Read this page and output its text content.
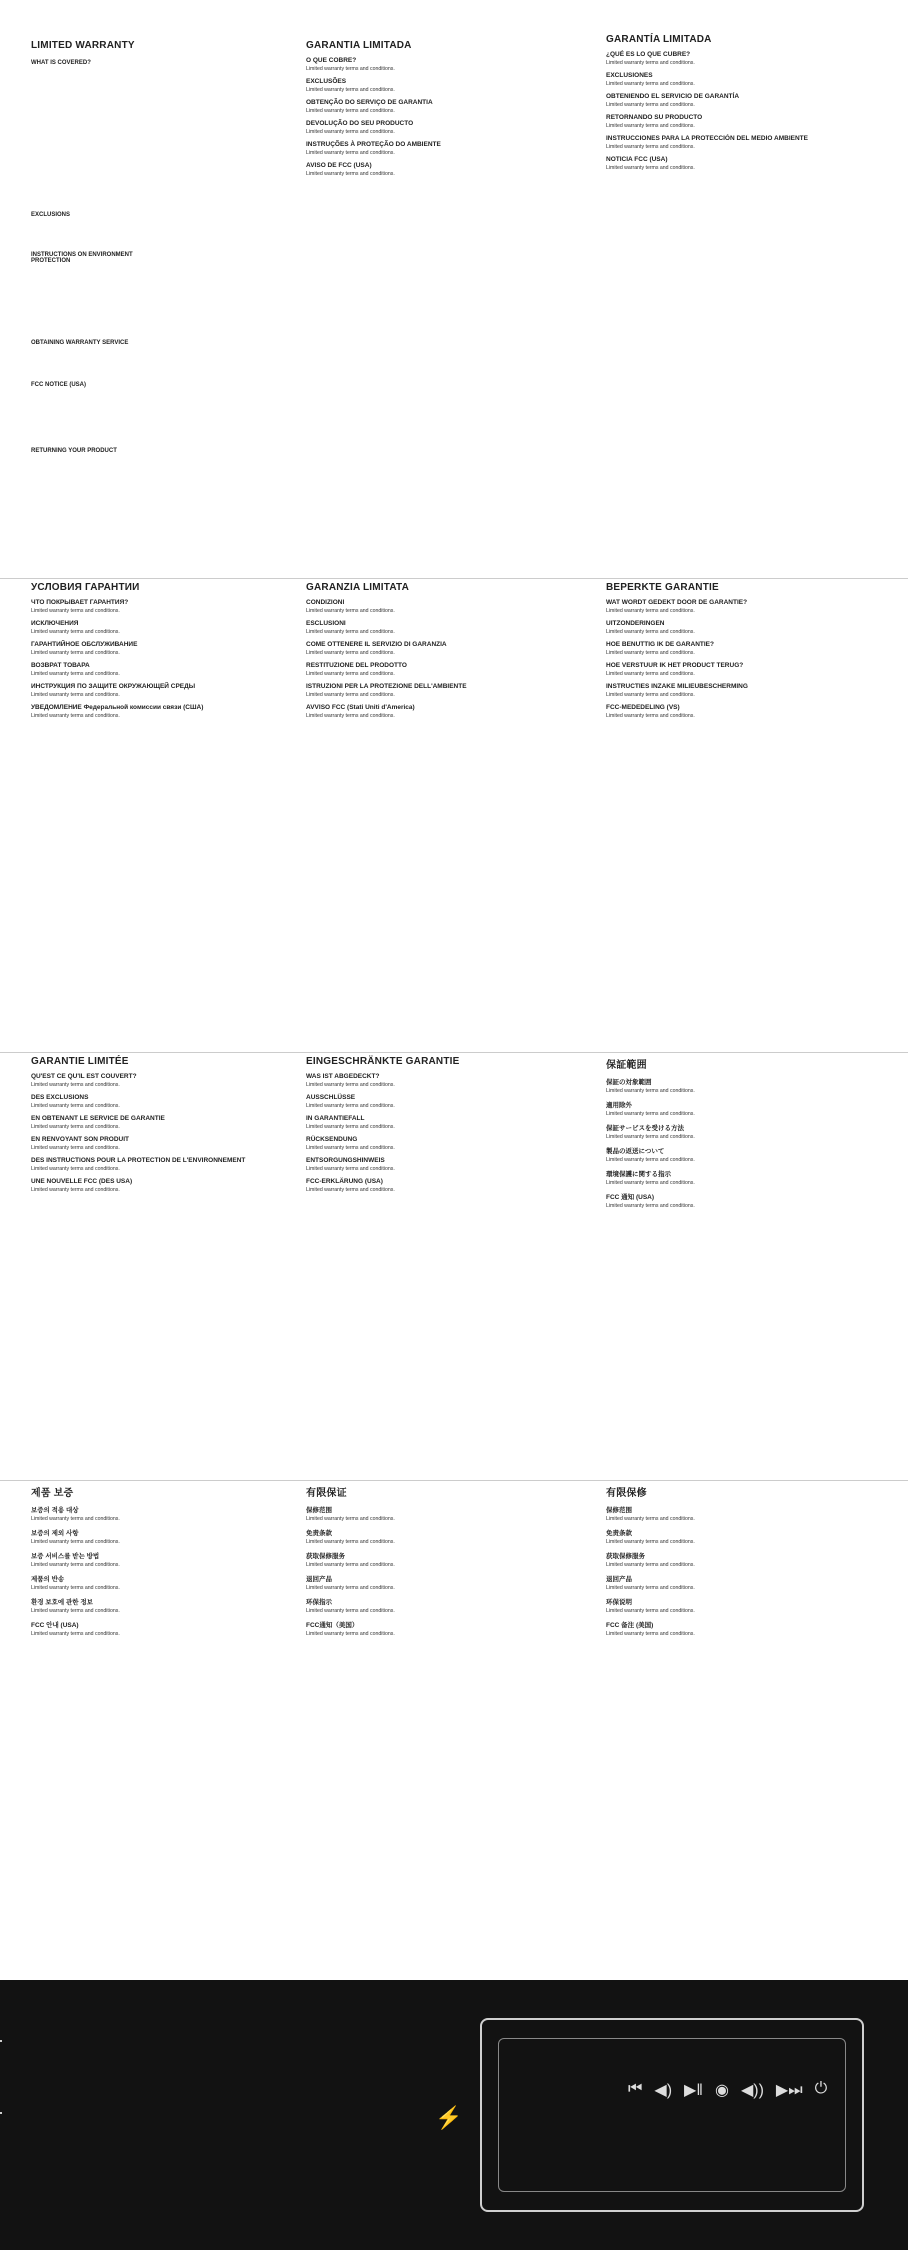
LIMITED WARRANTY
WHAT IS COVERED?
EXCLUSIONS
INSTRUCTIONS ON ENVIRONMENT PROTECTION
OBTAINING WARRANTY SERVICE
FCC NOTICE (USA)
RETURNING YOUR PRODUCT
GARANTIA LIMITADA
O QUE COBRE?
Limited warranty terms and conditions.
EXCLUSÕES
Limited warranty terms and conditions.
OBTENÇÃO DO SERVIÇO DE GARANTIA
Limited warranty terms and conditions.
DEVOLUÇÃO DO SEU PRODUCTO
Limited warranty terms and conditions.
INSTRUÇÕES À PROTEÇÃO DO AMBIENTE
Limited warranty terms and conditions.
AVISO DE FCC (USA)
Limited warranty terms and conditions.
GARANTÍA LIMITADA
¿QUÉ ES LO QUE CUBRE?
Limited warranty terms and conditions.
EXCLUSIONES
Limited warranty terms and conditions.
OBTENIENDO EL SERVICIO DE GARANTÍA
Limited warranty terms and conditions.
RETORNANDO SU PRODUCTO
Limited warranty terms and conditions.
INSTRUCCIONES PARA LA PROTECCIÓN DEL MEDIO AMBIENTE
Limited warranty terms and conditions.
NOTICIA FCC (USA)
Limited warranty terms and conditions.
УСЛОВИЯ ГАРАНТИИ
ЧТО ПОКРЫВАЕТ ГАРАНТИЯ?
Limited warranty terms and conditions.
ИСКЛЮЧЕНИЯ
Limited warranty terms and conditions.
ГАРАНТИЙНОЕ ОБСЛУЖИВАНИЕ
Limited warranty terms and conditions.
ВОЗВРАТ ТОВАРА
Limited warranty terms and conditions.
ИНСТРУКЦИЯ ПО ЗАЩИТЕ ОКРУЖАЮЩЕЙ СРЕДЫ
Limited warranty terms and conditions.
УВЕДОМЛЕНИЕ Федеральной комиссии связи (США)
Limited warranty terms and conditions.
GARANZIA LIMITATA
CONDIZIONI
Limited warranty terms and conditions.
ESCLUSIONI
Limited warranty terms and conditions.
COME OTTENERE IL SERVIZIO DI GARANZIA
Limited warranty terms and conditions.
RESTITUZIONE DEL PRODOTTO
Limited warranty terms and conditions.
ISTRUZIONI PER LA PROTEZIONE DELL'AMBIENTE
Limited warranty terms and conditions.
AVVISO FCC (Stati Uniti d'America)
Limited warranty terms and conditions.
BEPERKTE GARANTIE
WAT WORDT GEDEKT DOOR DE GARANTIE?
Limited warranty terms and conditions.
UITZONDERINGEN
Limited warranty terms and conditions.
HOE BENUTTIG IK DE GARANTIE?
Limited warranty terms and conditions.
HOE VERSTUUR IK HET PRODUCT TERUG?
Limited warranty terms and conditions.
INSTRUCTIES INZAKE MILIEUBESCHERMING
Limited warranty terms and conditions.
FCC-MEDEDELING (VS)
Limited warranty terms and conditions.
GARANTIE LIMITÉE
QU'EST CE QU'IL EST COUVERT?
Limited warranty terms and conditions.
DES EXCLUSIONS
Limited warranty terms and conditions.
EN OBTENANT LE SERVICE DE GARANTIE
Limited warranty terms and conditions.
EN RENVOYANT SON PRODUIT
Limited warranty terms and conditions.
DES INSTRUCTIONS POUR LA PROTECTION DE L'ENVIRONNEMENT
Limited warranty terms and conditions.
UNE NOUVELLE FCC (DES USA)
Limited warranty terms and conditions.
EINGESCHRÄNKTE GARANTIE
WAS IST ABGEDECKT?
Limited warranty terms and conditions.
AUSSCHLÜSSE
Limited warranty terms and conditions.
IN GARANTIEFALL
Limited warranty terms and conditions.
RÜCKSENDUNG
Limited warranty terms and conditions.
ENTSORGUNGSHINWEIS
Limited warranty terms and conditions.
FCC-ERKLÄRUNG (USA)
Limited warranty terms and conditions.
保証範囲
保証の対象範囲
Limited warranty terms and conditions.
適用除外
Limited warranty terms and conditions.
保証サービスを受ける方法
Limited warranty terms and conditions.
製品の返送について
Limited warranty terms and conditions.
環境保護に関する指示
Limited warranty terms and conditions.
FCC 通知 (USA)
Limited warranty terms and conditions.
제품 보증
보증의 적용 대상
Limited warranty terms and conditions.
보증의 제외 사항
Limited warranty terms and conditions.
보증 서비스를 받는 방법
Limited warranty terms and conditions.
제품의 반송
Limited warranty terms and conditions.
환경 보호에 관한 정보
Limited warranty terms and conditions.
FCC 안내 (USA)
Limited warranty terms and conditions.
有限保证
保修范围
Limited warranty terms and conditions.
免责条款
Limited warranty terms and conditions.
获取保修服务
Limited warranty terms and conditions.
退回产品
Limited warranty terms and conditions.
环保指示
Limited warranty terms and conditions.
FCC通知（美国）
Limited warranty terms and conditions.
有限保修
保修范围
Limited warranty terms and conditions.
免责条款
Limited warranty terms and conditions.
获取保修服务
Limited warranty terms and conditions.
退回产品
Limited warranty terms and conditions.
环保说明
Limited warranty terms and conditions.
FCC 备注 (美国)
Limited warranty terms and conditions.
⚡
⏮ ◀) ▶‖ ◉ ◀)) ▶⏭ ⏻
